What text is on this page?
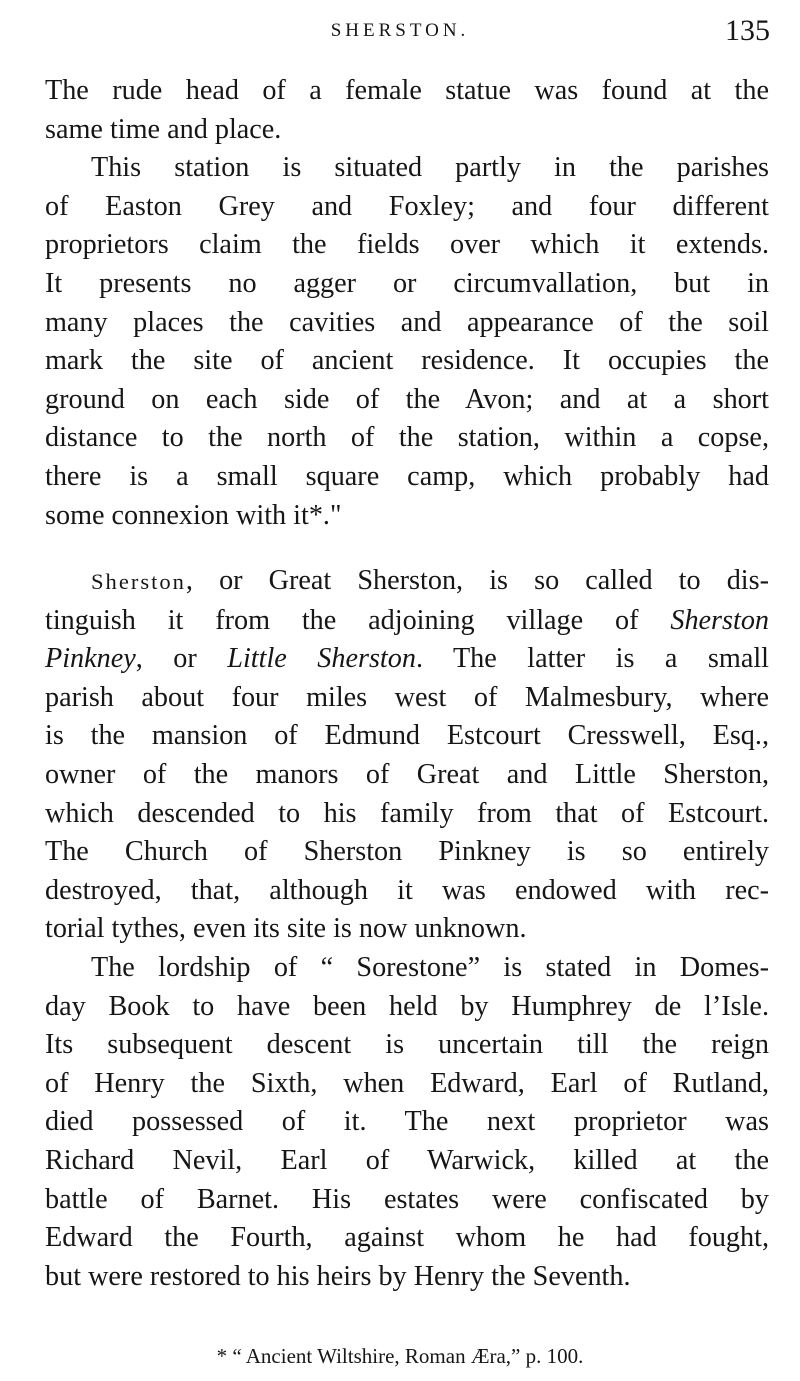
SHERSTON.	135
The rude head of a female statue was found at the
same time and place.
This station is situated partly in the parishes
of Easton Grey and Foxley; and four different
proprietors claim the fields over which it extends.
It presents no agger or circumvallation, but in
many places the cavities and appearance of the soil
mark the site of ancient residence. It occupies the
ground on each side of the Avon; and at a short
distance to the north of the station, within a copse,
there is a small square camp, which probably had
some connexion with it*."
Sherston, or Great Sherston, is so called to dis-
tinguish it from the adjoining village of Sherston
Pinkney, or Little Sherston. The latter is a small
parish about four miles west of Malmesbury, where
is the mansion of Edmund Estcourt Cresswell, Esq.,
owner of the manors of Great and Little Sherston,
which descended to his family from that of Estcourt.
The Church of Sherston Pinkney is so entirely
destroyed, that, although it was endowed with rec-
torial tythes, even its site is now unknown.
The lordship of “ Sorestone” is stated in Domes-
day Book to have been held by Humphrey de l’Isle.
Its subsequent descent is uncertain till the reign
of Henry the Sixth, when Edward, Earl of Rutland,
died possessed of it. The next proprietor was
Richard Nevil, Earl of Warwick, killed at the
battle of Barnet. His estates were confiscated by
Edward the Fourth, against whom he had fought,
but were restored to his heirs by Henry the Seventh.
* “ Ancient Wiltshire, Roman Æra,” p. 100.
